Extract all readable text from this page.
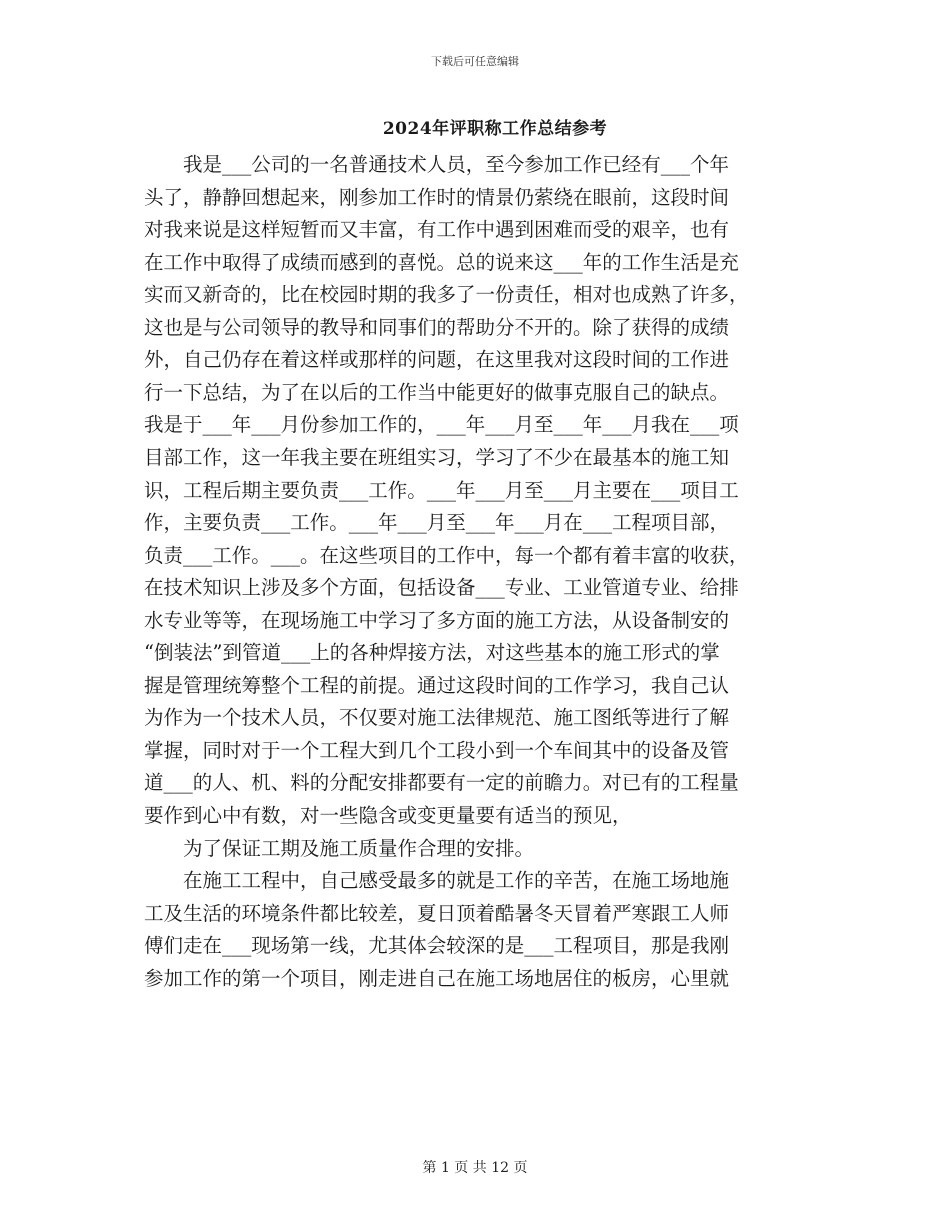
下载后可任意编辑
2024年评职称工作总结参考
　　我是___公司的一名普通技术人员，至今参加工作已经有___个年
头了，静静回想起来，刚参加工作时的情景仍萦绕在眼前，这段时间
对我来说是这样短暂而又丰富，有工作中遇到困难而受的艰辛，也有
在工作中取得了成绩而感到的喜悦。总的说来这___年的工作生活是充
实而又新奇的，比在校园时期的我多了一份责任，相对也成熟了许多，
这也是与公司领导的教导和同事们的帮助分不开的。除了获得的成绩
外，自己仍存在着这样或那样的问题，在这里我对这段时间的工作进
行一下总结，为了在以后的工作当中能更好的做事克服自己的缺点。
我是于___年___月份参加工作的，___年___月至___年___月我在___项
目部工作，这一年我主要在班组实习，学习了不少在最基本的施工知
识，工程后期主要负责___工作。___年___月至___月主要在___项目工
作，主要负责___工作。___年___月至___年___月在___工程项目部，
负责___工作。___。在这些项目的工作中，每一个都有着丰富的收获，
在技术知识上涉及多个方面，包括设备___专业、工业管道专业、给排
水专业等等，在现场施工中学习了多方面的施工方法，从设备制安的
“倒装法”到管道___上的各种焊接方法，对这些基本的施工形式的掌
握是管理统筹整个工程的前提。通过这段时间的工作学习，我自己认
为作为一个技术人员，不仅要对施工法律规范、施工图纸等进行了解
掌握，同时对于一个工程大到几个工段小到一个车间其中的设备及管
道___的人、机、料的分配安排都要有一定的前瞻力。对已有的工程量
要作到心中有数，对一些隐含或变更量要有适当的预见，
　　为了保证工期及施工质量作合理的安排。
　　在施工工程中，自己感受最多的就是工作的辛苦，在施工场地施
工及生活的环境条件都比较差，夏日顶着酷暑冬天冒着严寒跟工人师
傅们走在___现场第一线，尤其体会较深的是___工程项目，那是我刚
参加工作的第一个项目，刚走进自己在施工场地居住的板房，心里就
第 1 页 共 12 页
